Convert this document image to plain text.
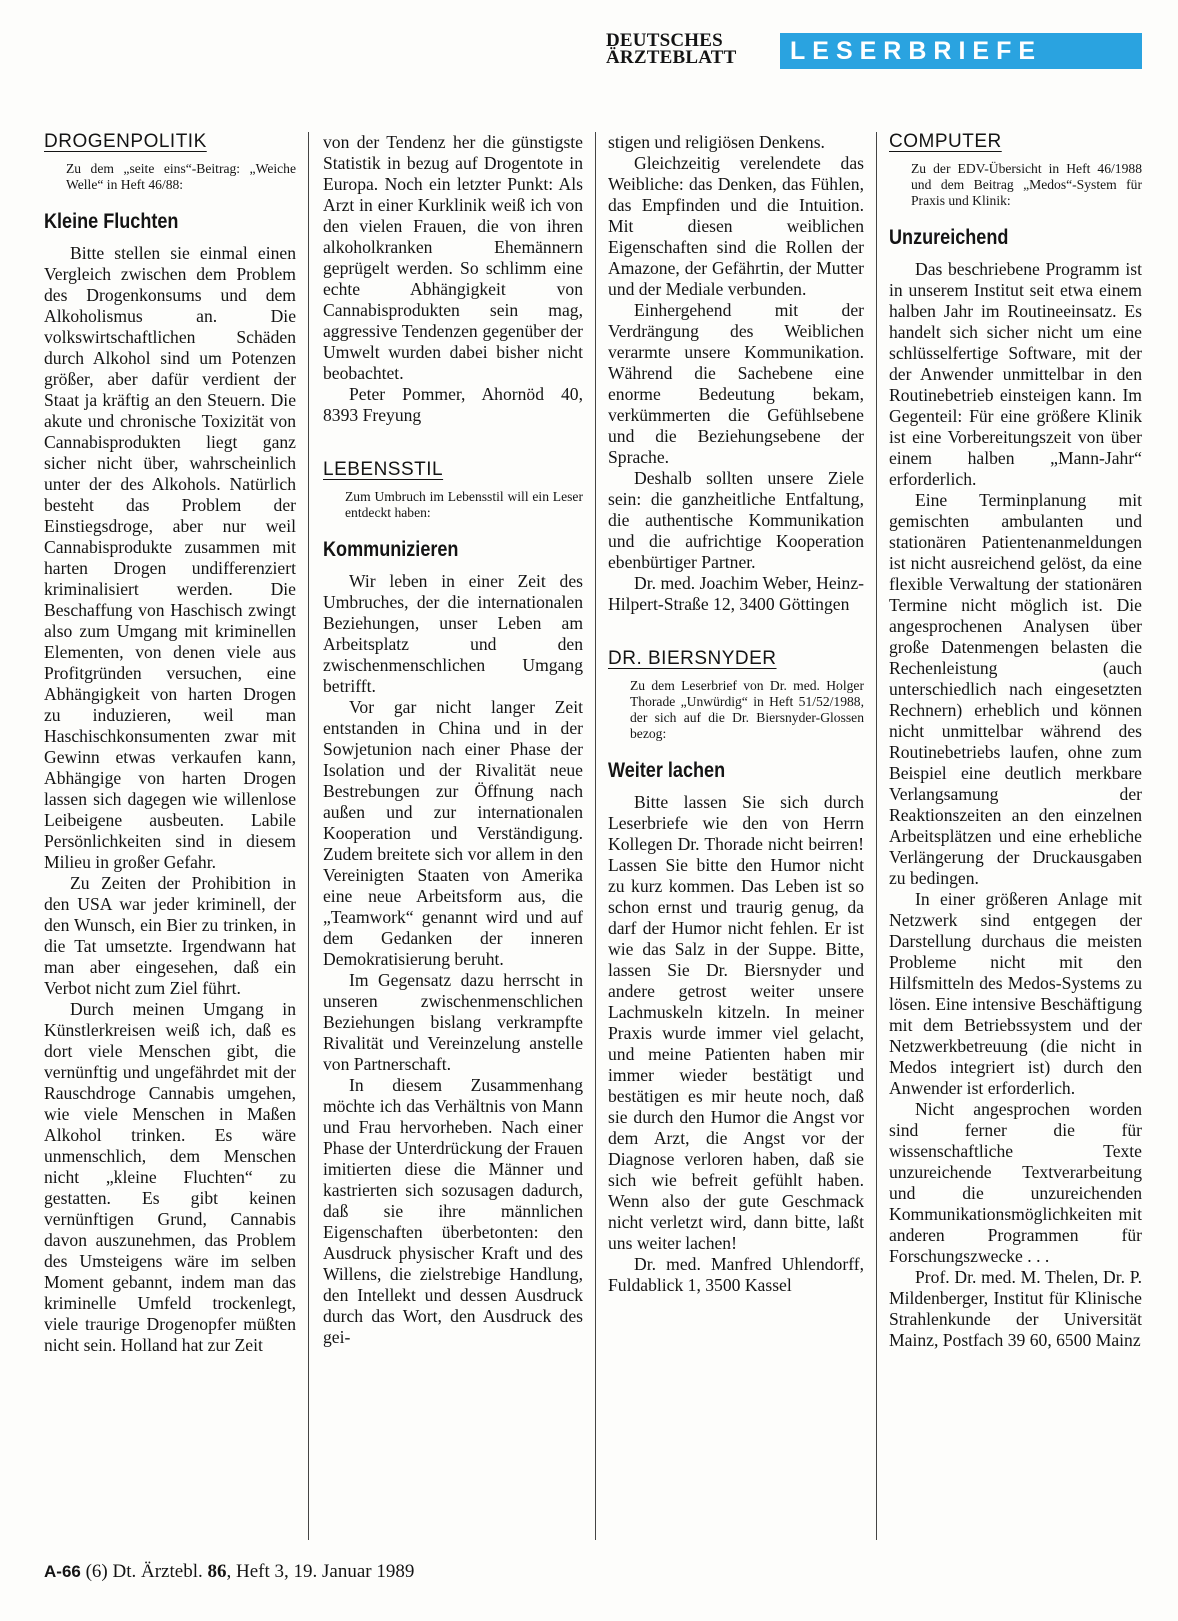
DEUTSCHES
ÄRZTEBLATT	LESERBRIEFE
DROGENPOLITIK
Zu dem „seite eins“-Beitrag: „Weiche Welle“ in Heft 46/88:
Kleine Fluchten

Bitte stellen sie einmal einen Vergleich zwischen dem Problem des Drogenkonsums und dem Alkoholismus an. Die volkswirtschaftlichen Schäden durch Alkohol sind um Potenzen größer, aber dafür verdient der Staat ja kräftig an den Steuern. Die akute und chronische Toxizität von Cannabisprodukten liegt ganz sicher nicht über, wahrscheinlich unter der des Alkohols. Natürlich besteht das Problem der Einstiegsdroge, aber nur weil Cannabisprodukte zusammen mit harten Drogen undifferenziert kriminalisiert werden. Die Beschaffung von Haschisch zwingt also zum Umgang mit kriminellen Elementen, von denen viele aus Profitgründen versuchen, eine Abhängigkeit von harten Drogen zu induzieren, weil man Haschischkonsumenten zwar mit Gewinn etwas verkaufen kann, Abhängige von harten Drogen lassen sich dagegen wie willenlose Leibeigene ausbeuten. Labile Persönlichkeiten sind in diesem Milieu in großer Gefahr.

Zu Zeiten der Prohibition in den USA war jeder kriminell, der den Wunsch, ein Bier zu trinken, in die Tat umsetzte. Irgendwann hat man aber eingesehen, daß ein Verbot nicht zum Ziel führt.

Durch meinen Umgang in Künstlerkreisen weiß ich, daß es dort viele Menschen gibt, die vernünftig und ungefährdet mit der Rauschdroge Cannabis umgehen, wie viele Menschen in Maßen Alkohol trinken. Es wäre unmenschlich, dem Menschen nicht „kleine Fluchten“ zu gestatten. Es gibt keinen vernünftigen Grund, Cannabis davon auszunehmen, das Problem des Umsteigens wäre im selben Moment gebannt, indem man das kriminelle Umfeld trockenlegt, viele traurige Drogenopfer müßten nicht sein. Holland hat zur Zeit

von der Tendenz her die günstigste Statistik in bezug auf Drogentote in Europa. Noch ein letzter Punkt: Als Arzt in einer Kurklinik weiß ich von den vielen Frauen, die von ihren alkoholkranken Ehemännern geprügelt werden. So schlimm eine echte Abhängigkeit von Cannabisprodukten sein mag, aggressive Tendenzen gegenüber der Umwelt wurden dabei bisher nicht beobachtet.

Peter Pommer, Ahornöd 40, 8393 Freyung

LEBENSSTIL
Zum Umbruch im Lebensstil will ein Leser entdeckt haben:
Kommunizieren

Wir leben in einer Zeit des Umbruches, der die internationalen Beziehungen, unser Leben am Arbeitsplatz und den zwischenmenschlichen Umgang betrifft.

Vor gar nicht langer Zeit entstanden in China und in der Sowjetunion nach einer Phase der Isolation und der Rivalität neue Bestrebungen zur Öffnung nach außen und zur internationalen Kooperation und Verständigung. Zudem breitete sich vor allem in den Vereinigten Staaten von Amerika eine neue Arbeitsform aus, die „Teamwork“ genannt wird und auf dem Gedanken der inneren Demokratisierung beruht.

Im Gegensatz dazu herrscht in unseren zwischenmenschlichen Beziehungen bislang verkrampfte Rivalität und Vereinzelung anstelle von Partnerschaft.

In diesem Zusammenhang möchte ich das Verhältnis von Mann und Frau hervorheben. Nach einer Phase der Unterdrückung der Frauen imitierten diese die Männer und kastrierten sich sozusagen dadurch, daß sie ihre männlichen Eigenschaften überbetonten: den Ausdruck physischer Kraft und des Willens, die zielstrebige Handlung, den Intellekt und dessen Ausdruck durch das Wort, den Ausdruck des gei-

stigen und religiösen Denkens.

Gleichzeitig verelendete das Weibliche: das Denken, das Fühlen, das Empfinden und die Intuition. Mit diesen weiblichen Eigenschaften sind die Rollen der Amazone, der Gefährtin, der Mutter und der Mediale verbunden.

Einhergehend mit der Verdrängung des Weiblichen verarmte unsere Kommunikation. Während die Sachebene eine enorme Bedeutung bekam, verkümmerten die Gefühlsebene und die Beziehungsebene der Sprache.

Deshalb sollten unsere Ziele sein: die ganzheitliche Entfaltung, die authentische Kommunikation und die aufrichtige Kooperation ebenbürtiger Partner.

Dr. med. Joachim Weber, Heinz-Hilpert-Straße 12, 3400 Göttingen

DR. BIERSNYDER
Zu dem Leserbrief von Dr. med. Holger Thorade „Unwürdig“ in Heft 51/52/1988, der sich auf die Dr. Biersnyder-Glossen bezog:
Weiter lachen

Bitte lassen Sie sich durch Leserbriefe wie den von Herrn Kollegen Dr. Thorade nicht beirren! Lassen Sie bitte den Humor nicht zu kurz kommen. Das Leben ist so schon ernst und traurig genug, da darf der Humor nicht fehlen. Er ist wie das Salz in der Suppe. Bitte, lassen Sie Dr. Biersnyder und andere getrost weiter unsere Lachmuskeln kitzeln. In meiner Praxis wurde immer viel gelacht, und meine Patienten haben mir immer wieder bestätigt und bestätigen es mir heute noch, daß sie durch den Humor die Angst vor dem Arzt, die Angst vor der Diagnose verloren haben, daß sie sich wie befreit gefühlt haben. Wenn also der gute Geschmack nicht verletzt wird, dann bitte, laßt uns weiter lachen!

Dr. med. Manfred Uhlendorff, Fuldablick 1, 3500 Kassel

COMPUTER
Zu der EDV-Übersicht in Heft 46/1988 und dem Beitrag „Medos“-System für Praxis und Klinik:
Unzureichend

Das beschriebene Programm ist in unserem Institut seit etwa einem halben Jahr im Routineeinsatz. Es handelt sich sicher nicht um eine schlüsselfertige Software, mit der der Anwender unmittelbar in den Routinebetrieb einsteigen kann. Im Gegenteil: Für eine größere Klinik ist eine Vorbereitungszeit von über einem halben „Mann-Jahr“ erforderlich.

Eine Terminplanung mit gemischten ambulanten und stationären Patientenanmeldungen ist nicht ausreichend gelöst, da eine flexible Verwaltung der stationären Termine nicht möglich ist. Die angesprochenen Analysen über große Datenmengen belasten die Rechenleistung (auch unterschiedlich nach eingesetzten Rechnern) erheblich und können nicht unmittelbar während des Routinebetriebs laufen, ohne zum Beispiel eine deutlich merkbare Verlangsamung der Reaktionszeiten an den einzelnen Arbeitsplätzen und eine erhebliche Verlängerung der Druckausgaben zu bedingen.

In einer größeren Anlage mit Netzwerk sind entgegen der Darstellung durchaus die meisten Probleme nicht mit den Hilfsmitteln des Medos-Systems zu lösen. Eine intensive Beschäftigung mit dem Betriebssystem und der Netzwerkbetreuung (die nicht in Medos integriert ist) durch den Anwender ist erforderlich.

Nicht angesprochen worden sind ferner die für wissenschaftliche Texte unzureichende Textverarbeitung und die unzureichenden Kommunikationsmöglichkeiten mit anderen Programmen für Forschungszwecke . . .

Prof. Dr. med. M. Thelen, Dr. P. Mildenberger, Institut für Klinische Strahlenkunde der Universität Mainz, Postfach 39 60, 6500 Mainz

A-66 (6) Dt. Ärztebl. 86, Heft 3, 19. Januar 1989
